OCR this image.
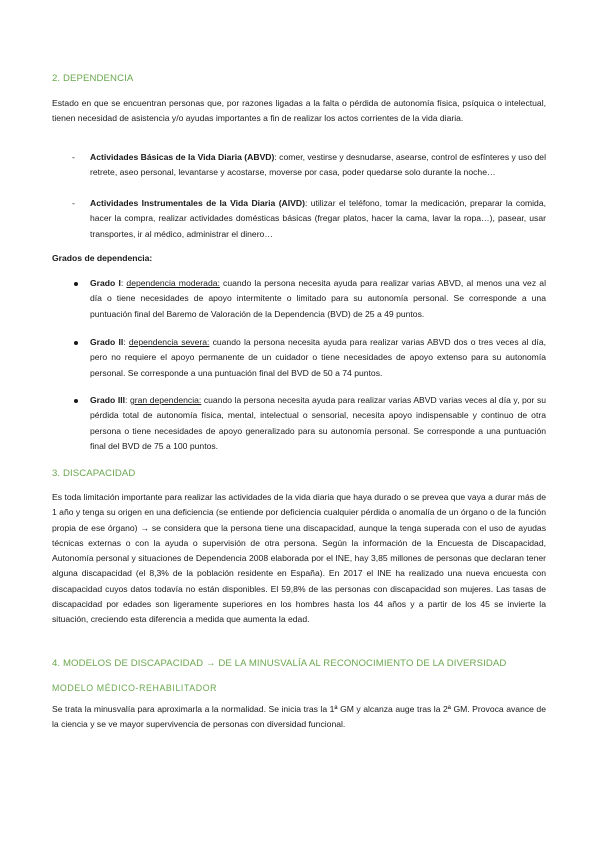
2. DEPENDENCIA

Estado en que se encuentran personas que, por razones ligadas a la falta o pérdida de autonomía física, psíquica o intelectual, tienen necesidad de asistencia y/o ayudas importantes a fin de realizar los actos corrientes de la vida diaria.

- Actividades Básicas de la Vida Diaria (ABVD): comer, vestirse y desnudarse, asearse, control de esfínteres y uso del retrete, aseo personal, levantarse y acostarse, moverse por casa, poder quedarse solo durante la noche…

- Actividades Instrumentales de la Vida Diaria (AIVD): utilizar el teléfono, tomar la medicación, preparar la comida, hacer la compra, realizar actividades domésticas básicas (fregar platos, hacer la cama, lavar la ropa…), pasear, usar transportes, ir al médico, administrar el dinero…

Grados de dependencia:

Grado I: dependencia moderada: cuando la persona necesita ayuda para realizar varias ABVD, al menos una vez al día o tiene necesidades de apoyo intermitente o limitado para su autonomía personal. Se corresponde a una puntuación final del Baremo de Valoración de la Dependencia (BVD) de 25 a 49 puntos.

Grado II: dependencia severa: cuando la persona necesita ayuda para realizar varias ABVD dos o tres veces al día, pero no requiere el apoyo permanente de un cuidador o tiene necesidades de apoyo extenso para su autonomía personal. Se corresponde a una puntuación final del BVD de 50 a 74 puntos.

Grado III: gran dependencia: cuando la persona necesita ayuda para realizar varias ABVD varias veces al día y, por su pérdida total de autonomía física, mental, intelectual o sensorial, necesita apoyo indispensable y continuo de otra persona o tiene necesidades de apoyo generalizado para su autonomía personal. Se corresponde a una puntuación final del BVD de 75 a 100 puntos.

3. DISCAPACIDAD

Es toda limitación importante para realizar las actividades de la vida diaria que haya durado o se prevea que vaya a durar más de 1 año y tenga su origen en una deficiencia (se entiende por deficiencia cualquier pérdida o anomalía de un órgano o de la función propia de ese órgano) → se considera que la persona tiene una discapacidad, aunque la tenga superada con el uso de ayudas técnicas externas o con la ayuda o supervisión de otra persona. Según la información de la Encuesta de Discapacidad, Autonomía personal y situaciones de Dependencia 2008 elaborada por el INE, hay 3,85 millones de personas que declaran tener alguna discapacidad (el 8,3% de la población residente en España). En 2017 el INE ha realizado una nueva encuesta con discapacidad cuyos datos todavía no están disponibles. El 59,8% de las personas con discapacidad son mujeres. Las tasas de discapacidad por edades son ligeramente superiores en los hombres hasta los 44 años y a partir de los 45 se invierte la situación, creciendo esta diferencia a medida que aumenta la edad.

4. MODELOS DE DISCAPACIDAD → DE LA MINUSVALÍA AL RECONOCIMIENTO DE LA DIVERSIDAD
MODELO MÉDICO-REHABILITADOR

Se trata la minusvalía para aproximarla a la normalidad. Se inicia tras la 1ª GM y alcanza auge tras la 2ª GM. Provoca avance de la ciencia y se ve mayor supervivencia de personas con diversidad funcional.
